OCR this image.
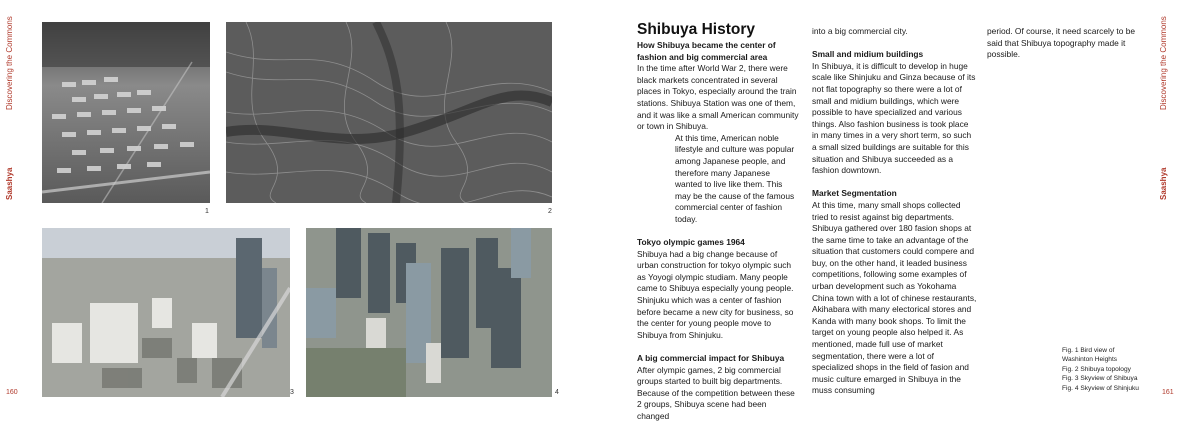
Discovering the Commons
Saashya
160
1	2
3	4
Shibuya History

How Shibuya became the center of fashion and big commercial area

In the time after World War 2, there were black markets concentrated in several places in Tokyo, especially around the train stations. Shibuya Station was one of them, and it was like a small American community or town in Shibuya.

At this time, American noble lifestyle and culture was popular among Japanese people, and therefore many Japanese wanted to live like them. This may be the cause of the famous commercial center of fashion today.

Tokyo olympic games 1964

Shibuya had a big change because of urban construction for tokyo olympic such as Yoyogi olympic studiam. Many people came to Shibuya especially young people. Shinjuku which was a center of fashion before became a new city for business, so the center for young people move to Shibuya from Shinjuku.

A big commercial impact for Shibuya

After olympic games, 2 big commercial groups started to built big departments. Because of the competition between these 2 groups, Shibuya scene had been changed

into a big commercial city.

Small and midium buildings

In Shibuya, it is difficult to develop in huge scale like Shinjuku and Ginza because of its not flat topography so there were a lot of small and midium buildings, which were possible to have specialized and various things. Also fashion business is took place in many times in a very short term, so such a small sized buildings are suitable for this situation and Shibuya succeeded as a fashion downtown.

Market Segmentation

At this time, many small shops collected tried to resist against big departments. Shibuya gathered over 180 fasion shops at the same time to take an advantage of the situation that customers could compere and buy, on the other hand, it leaded business competitions, following some examples of urban development such as Yokohama China town with a lot of chinese restaurants, Akihabara with many electorical stores and Kanda with many book shops. To limit the target on young people also helped it. As mentioned, made full use of market segmentation, there were a lot of specialized shops in the field of fasion and music culture emarged in Shibuya in the muss consuming

period. Of course, it need scarcely to be said that Shibuya topography made it possible.

Fig. 1 Bird view of Washinton Heights
Fig. 2 Shibuya topology
Fig. 3 Skyview of Shibuya
Fig. 4 Skyview of Shinjuku
Discovering the Commons
Saashya
161
